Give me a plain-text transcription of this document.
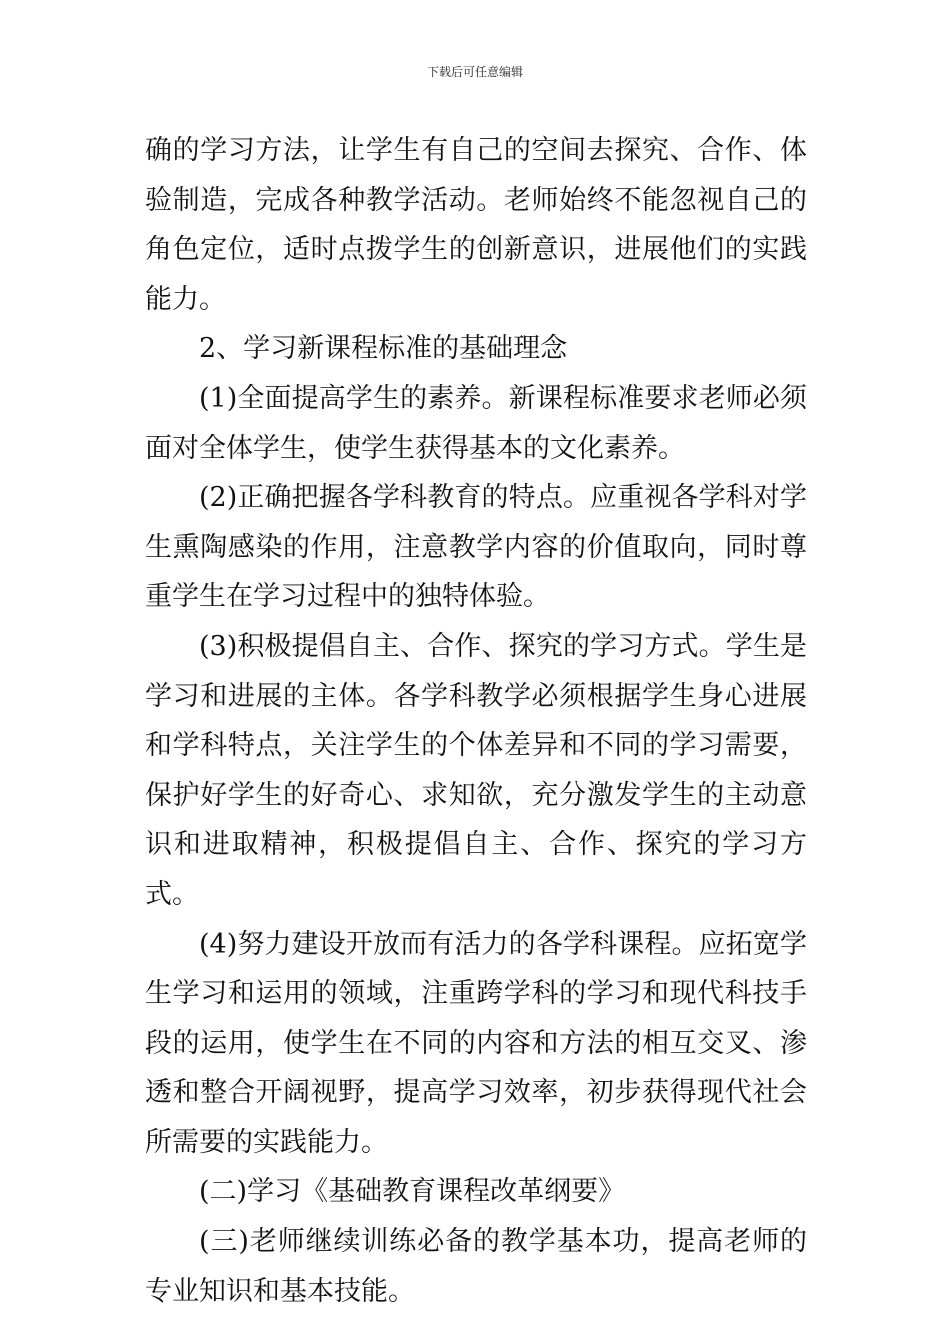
下载后可任意编辑

确的学习方法，让学生有自己的空间去探究、合作、体验制造，完成各种教学活动。老师始终不能忽视自己的角色定位，适时点拨学生的创新意识，进展他们的实践能力。

2、学习新课程标准的基础理念

(1)全面提高学生的素养。新课程标准要求老师必须面对全体学生，使学生获得基本的文化素养。

(2)正确把握各学科教育的特点。应重视各学科对学生熏陶感染的作用，注意教学内容的价值取向，同时尊重学生在学习过程中的独特体验。

(3)积极提倡自主、合作、探究的学习方式。学生是学习和进展的主体。各学科教学必须根据学生身心进展和学科特点，关注学生的个体差异和不同的学习需要，保护好学生的好奇心、求知欲，充分激发学生的主动意识和进取精神，积极提倡自主、合作、探究的学习方式。

(4)努力建设开放而有活力的各学科课程。应拓宽学生学习和运用的领域，注重跨学科的学习和现代科技手段的运用，使学生在不同的内容和方法的相互交叉、渗透和整合开阔视野，提高学习效率，初步获得现代社会所需要的实践能力。

(二)学习《基础教育课程改革纲要》

(三)老师继续训练必备的教学基本功，提高老师的专业知识和基本技能。
